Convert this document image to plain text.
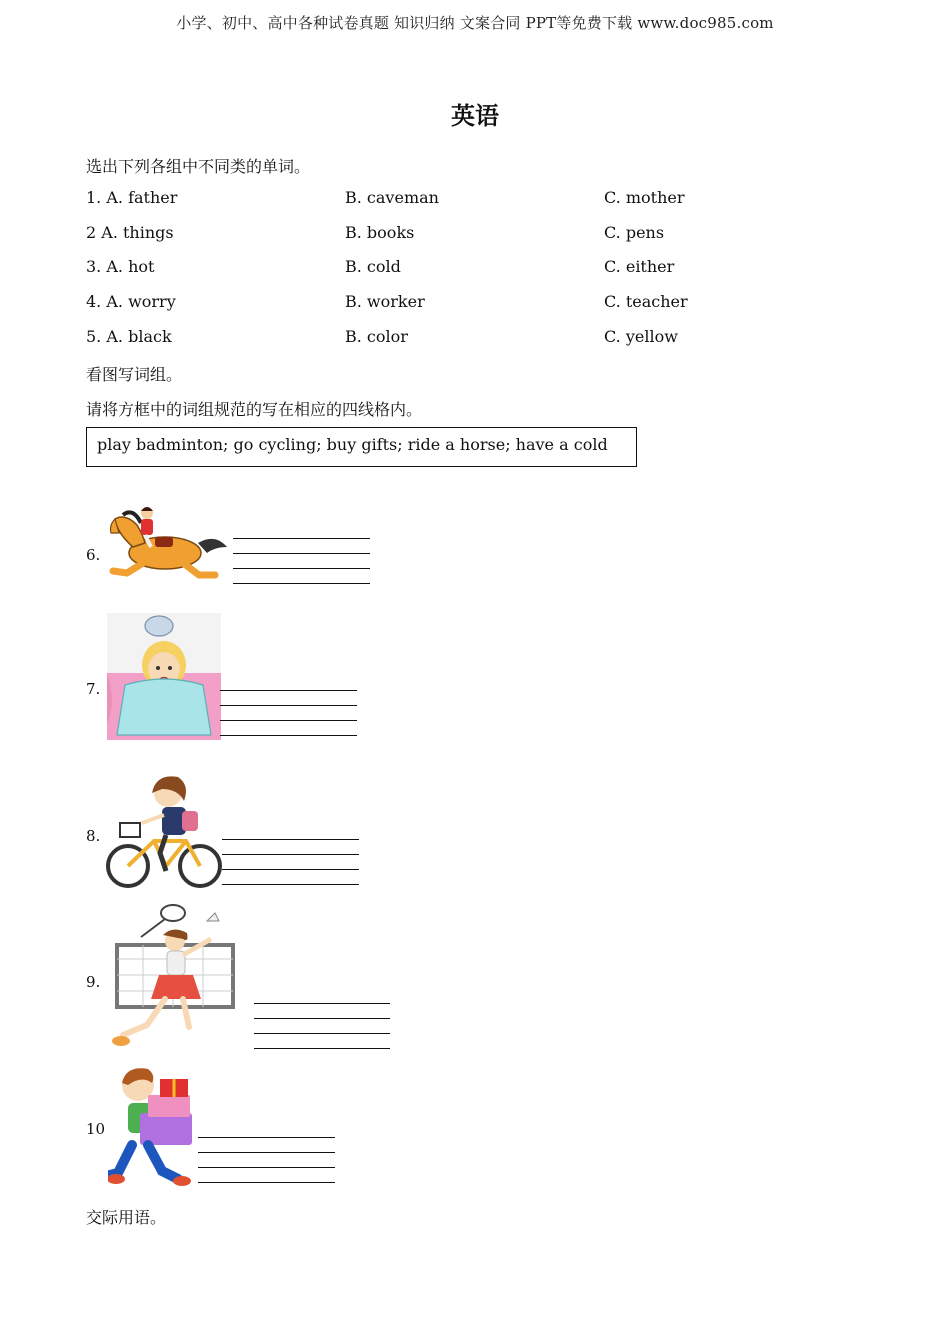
小学、初中、高中各种试卷真题 知识归纳 文案合同 PPT等免费下载 www.doc985.com
英语
选出下列各组中不同类的单词。
1. A. father	B. caveman	C. mother
2 A. things	B. books	C. pens
3. A. hot	B. cold	C. either
4. A. worry	B. worker	C. teacher
5. A. black	B. color	C. yellow
看图写词组。
请将方框中的词组规范的写在相应的四线格内。
play badminton; go cycling; buy gifts; ride a horse; have a cold
6.
7.
8.
9.
10
交际用语。
